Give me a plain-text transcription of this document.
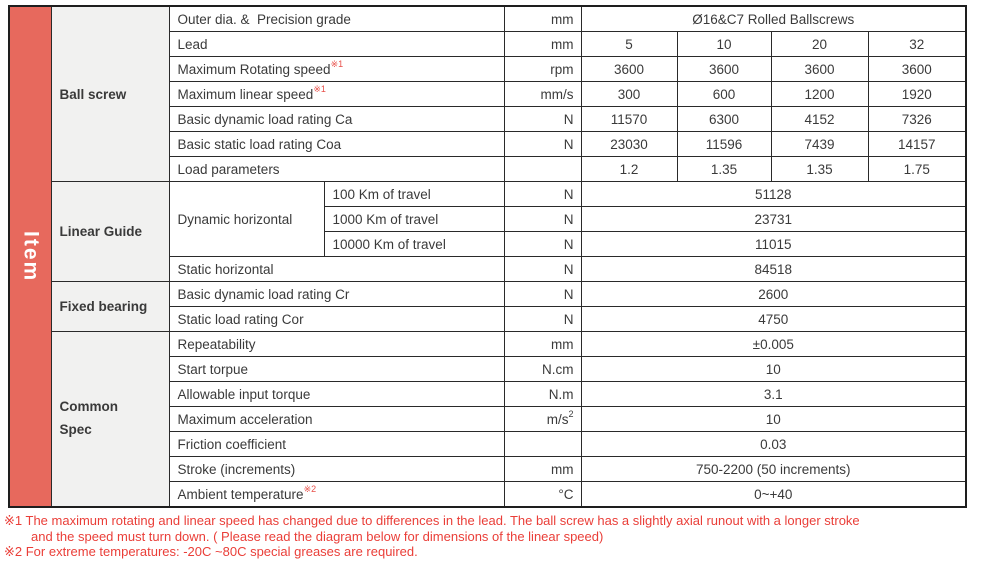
Item	Ball screw	Outer dia. &  Precision grade		mm	Ø16&C7 Rolled Ballscrews			
		Lead		mm	5	10	20	32
		Maximum Rotating speed$^{※1}$		rpm	3600	3600	3600	3600
		Maximum linear speed$^{※1}$		mm/s	300	600	1200	1920
		Basic dynamic load rating Ca		N	11570	6300	4152	7326
		Basic static load rating Coa		N	23030	11596	7439	14157
		Load parameters			1.2	1.35	1.35	1.75

	Linear Guide	Dynamic horizontal	100 Km of travel	N	51128			
			1000 Km of travel	N	23731			
			10000 Km of travel	N	11015			
		Static horizontal		N	84518			

	Fixed bearing	Basic dynamic load rating Cr		N	2600			
		Static load rating Cor		N	4750			

	Common Spec	Repeatability		mm	±0.005			
		Start torpue		N.cm	10			
		Allowable input torque		N.m	3.1			
		Maximum acceleration		$m/s^2$	10			
		Friction coefficient			0.03			
		Stroke (increments)		mm	750-2200 (50 increments)			
		Ambient temperature$^{※2}$		°C	0~+40			
※1 The maximum rotating and linear speed has changed due to differences in the lead. The ball screw has a slightly axial runout with a longer stroke
and the speed must turn down. ( Please read the diagram below for dimensions of the linear speed)
※2 For extreme temperatures: -20C ~80C special greases are required.
